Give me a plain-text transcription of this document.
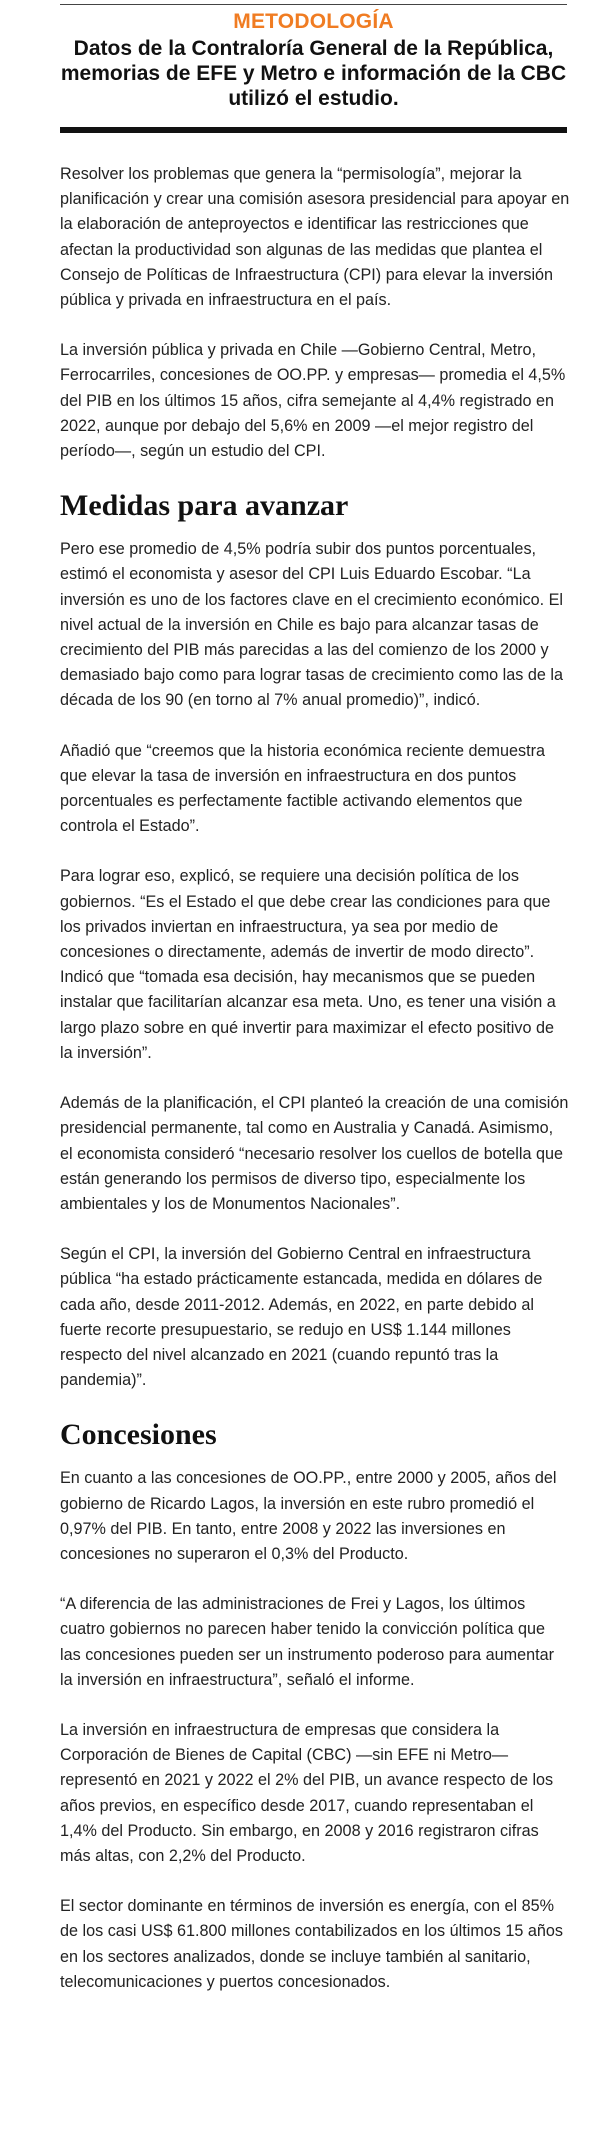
METODOLOGÍA
Datos de la Contraloría General de la República, memorias de EFE y Metro e información de la CBC utilizó el estudio.

Resolver los problemas que genera la “permisología”, mejorar la planificación y crear una comisión asesora presidencial para apoyar en la elaboración de anteproyectos e identificar las restricciones que afectan la productividad son algunas de las medidas que plantea el Consejo de Políticas de Infraestructura (CPI) para elevar la inversión pública y privada en infraestructura en el país.

La inversión pública y privada en Chile —Gobierno Central, Metro, Ferrocarriles, concesiones de OO.PP. y empresas— promedia el 4,5% del PIB en los últimos 15 años, cifra semejante al 4,4% registrado en 2022, aunque por debajo del 5,6% en 2009 —el mejor registro del período—, según un estudio del CPI.

Medidas para avanzar

Pero ese promedio de 4,5% podría subir dos puntos porcentuales, estimó el economista y asesor del CPI Luis Eduardo Escobar. “La inversión es uno de los factores clave en el crecimiento económico. El nivel actual de la inversión en Chile es bajo para alcanzar tasas de crecimiento del PIB más parecidas a las del comienzo de los 2000 y demasiado bajo como para lograr tasas de crecimiento como las de la década de los 90 (en torno al 7% anual promedio)”, indicó.

Añadió que “creemos que la historia económica reciente demuestra que elevar la tasa de inversión en infraestructura en dos puntos porcentuales es perfectamente factible activando elementos que controla el Estado”.

Para lograr eso, explicó, se requiere una decisión política de los gobiernos. “Es el Estado el que debe crear las condiciones para que los privados inviertan en infraestructura, ya sea por medio de concesiones o directamente, además de invertir de modo directo”. Indicó que “tomada esa decisión, hay mecanismos que se pueden instalar que facilitarían alcanzar esa meta. Uno, es tener una visión a largo plazo sobre en qué invertir para maximizar el efecto positivo de la inversión”.

Además de la planificación, el CPI planteó la creación de una comisión presidencial permanente, tal como en Australia y Canadá. Asimismo, el economista consideró “necesario resolver los cuellos de botella que están generando los permisos de diverso tipo, especialmente los ambientales y los de Monumentos Nacionales”.

Según el CPI, la inversión del Gobierno Central en infraestructura pública “ha estado prácticamente estancada, medida en dólares de cada año, desde 2011-2012. Además, en 2022, en parte debido al fuerte recorte presupuestario, se redujo en US$ 1.144 millones respecto del nivel alcanzado en 2021 (cuando repuntó tras la pandemia)”.

Concesiones

En cuanto a las concesiones de OO.PP., entre 2000 y 2005, años del gobierno de Ricardo Lagos, la inversión en este rubro promedió el 0,97% del PIB. En tanto, entre 2008 y 2022 las inversiones en concesiones no superaron el 0,3% del Producto.

“A diferencia de las administraciones de Frei y Lagos, los últimos cuatro gobiernos no parecen haber tenido la convicción política que las concesiones pueden ser un instrumento poderoso para aumentar la inversión en infraestructura”, señaló el informe.

La inversión en infraestructura de empresas que considera la Corporación de Bienes de Capital (CBC) —sin EFE ni Metro— representó en 2021 y 2022 el 2% del PIB, un avance respecto de los años previos, en específico desde 2017, cuando representaban el 1,4% del Producto. Sin embargo, en 2008 y 2016 registraron cifras más altas, con 2,2% del Producto.

El sector dominante en términos de inversión es energía, con el 85% de los casi US$ 61.800 millones contabilizados en los últimos 15 años en los sectores analizados, donde se incluye también al sanitario, telecomunicaciones y puertos concesionados.
